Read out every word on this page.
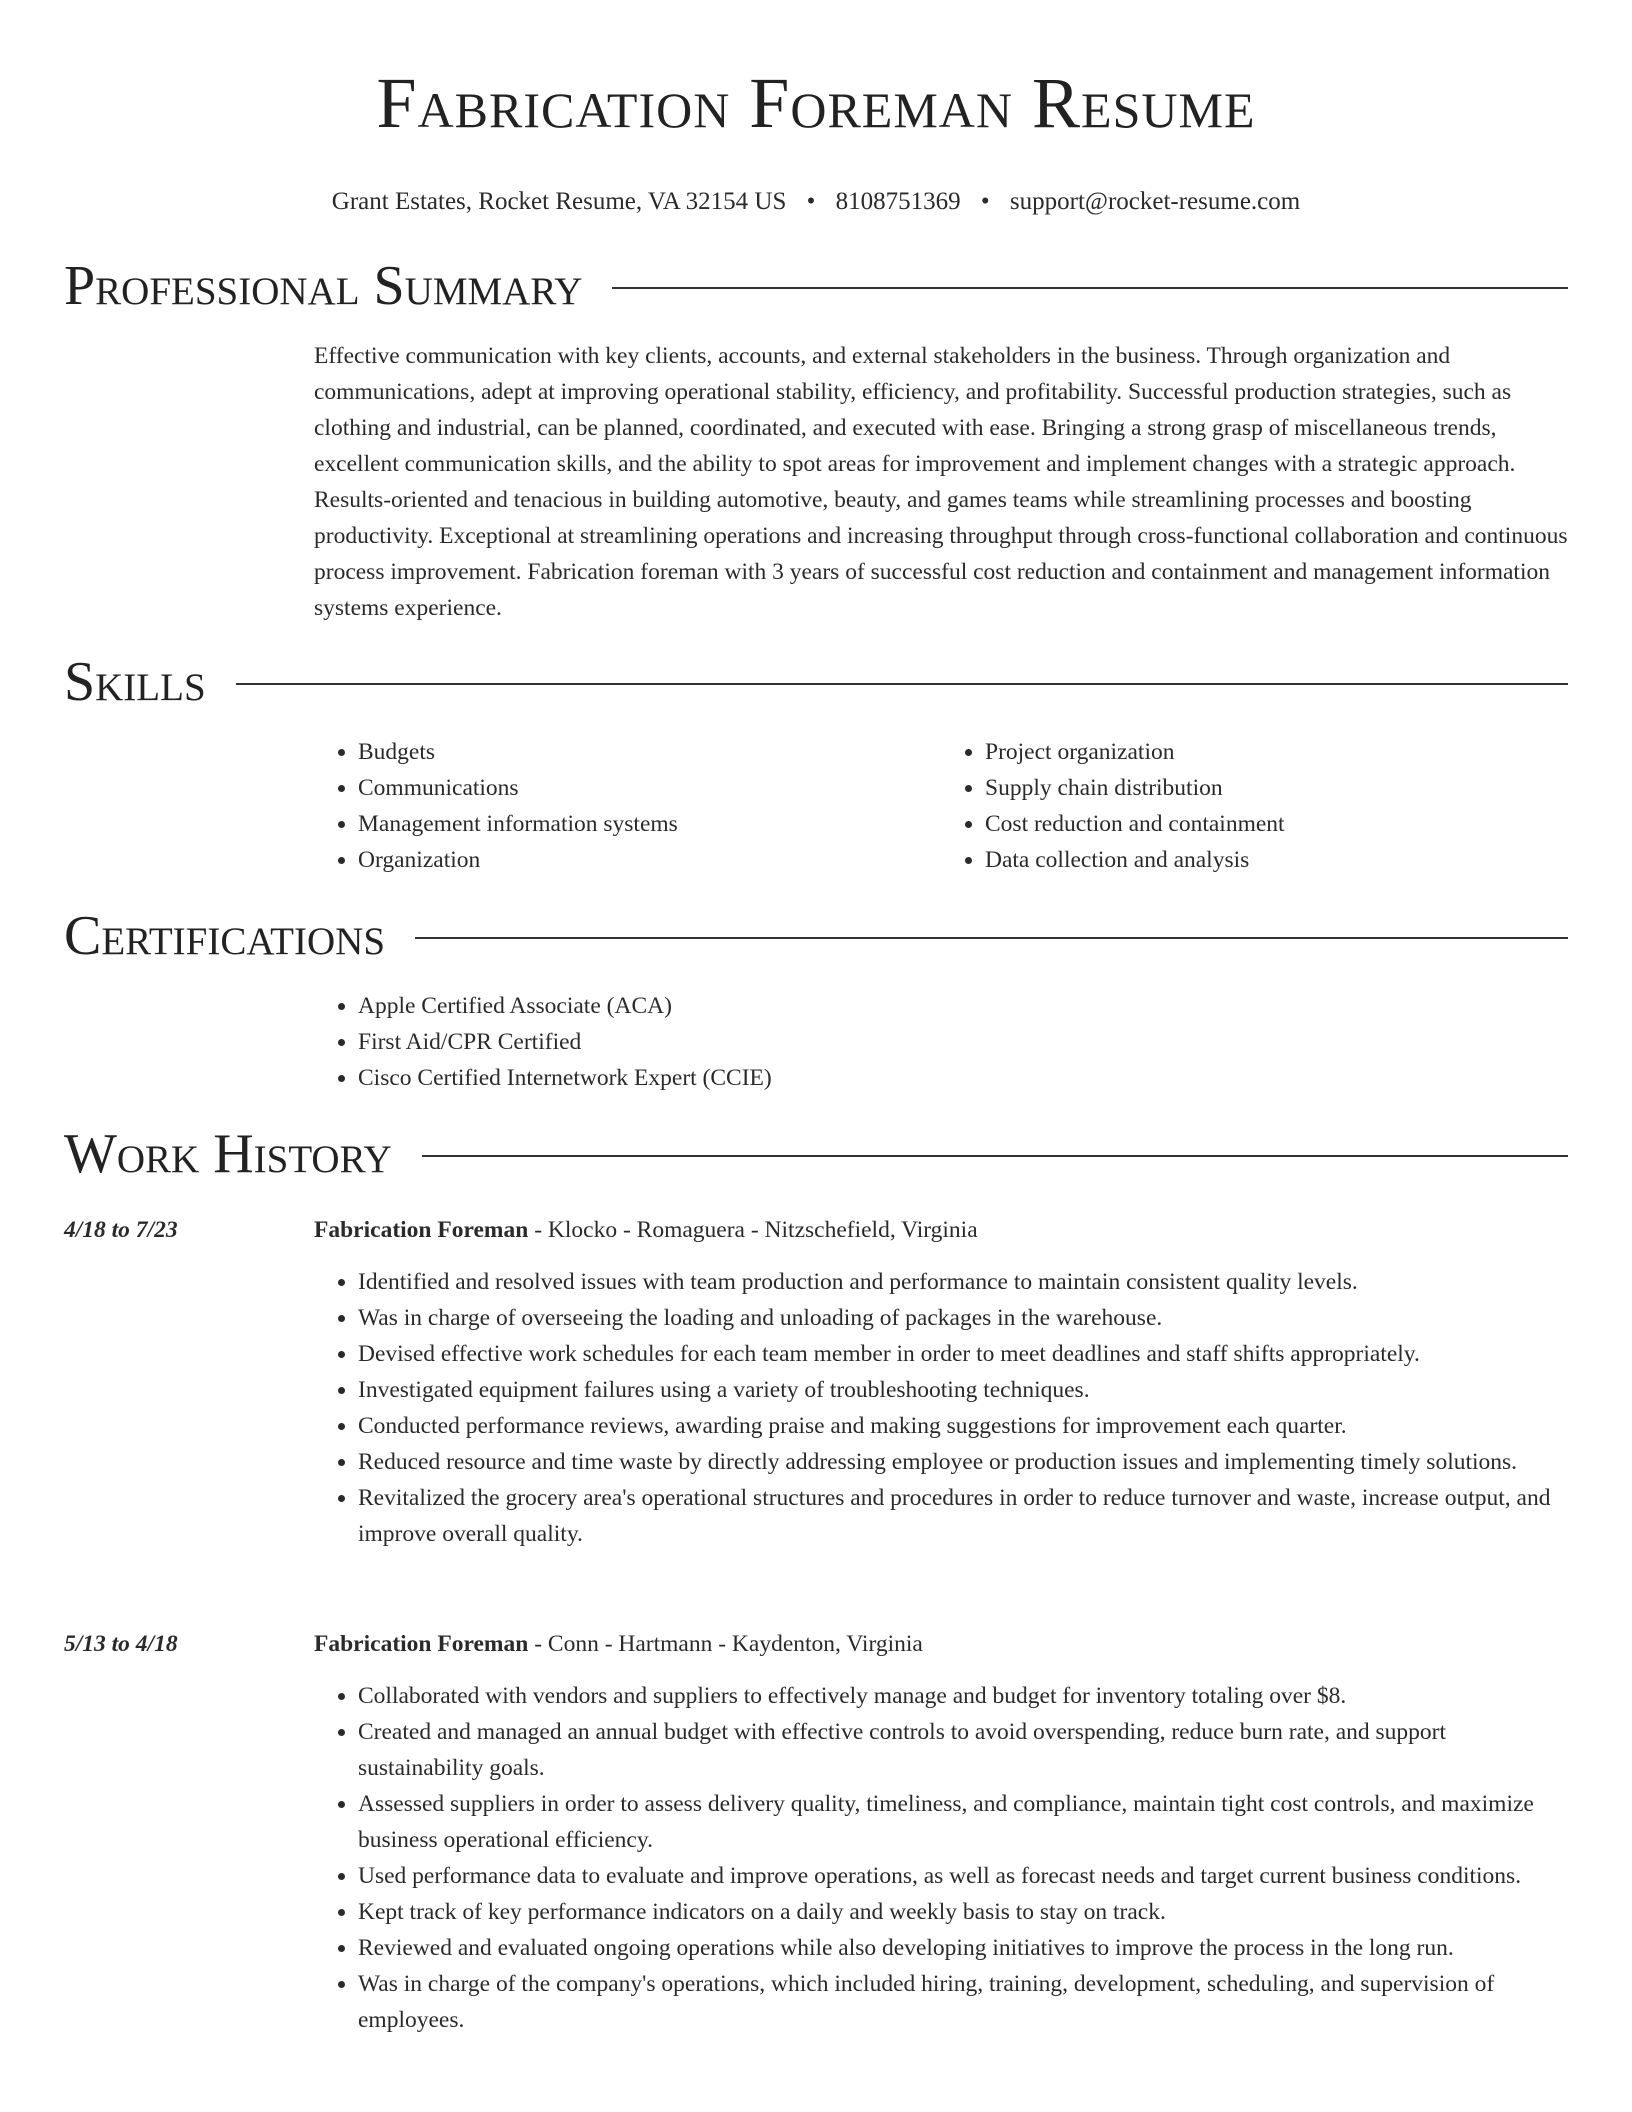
Fabrication Foreman Resume
Grant Estates, Rocket Resume, VA 32154 US • 8108751369 • support@rocket-resume.com
Professional Summary

Effective communication with key clients, accounts, and external stakeholders in the business. Through organization and communications, adept at improving operational stability, efficiency, and profitability. Successful production strategies, such as clothing and industrial, can be planned, coordinated, and executed with ease. Bringing a strong grasp of miscellaneous trends, excellent communication skills, and the ability to spot areas for improvement and implement changes with a strategic approach. Results-oriented and tenacious in building automotive, beauty, and games teams while streamlining processes and boosting productivity. Exceptional at streamlining operations and increasing throughput through cross-functional collaboration and continuous process improvement. Fabrication foreman with 3 years of successful cost reduction and containment and management information systems experience.

Skills
• Budgets
• Communications
• Management information systems
• Organization
• Project organization
• Supply chain distribution
• Cost reduction and containment
• Data collection and analysis
Certifications
• Apple Certified Associate (ACA)
• First Aid/CPR Certified
• Cisco Certified Internetwork Expert (CCIE)
Work History
4/18 to 7/23	Fabrication Foreman - Klocko - Romaguera - Nitzschefield, Virginia
• Identified and resolved issues with team production and performance to maintain consistent quality levels.
• Was in charge of overseeing the loading and unloading of packages in the warehouse.
• Devised effective work schedules for each team member in order to meet deadlines and staff shifts appropriately.
• Investigated equipment failures using a variety of troubleshooting techniques.
• Conducted performance reviews, awarding praise and making suggestions for improvement each quarter.
• Reduced resource and time waste by directly addressing employee or production issues and implementing timely solutions.
• Revitalized the grocery area's operational structures and procedures in order to reduce turnover and waste, increase output, and improve overall quality.
5/13 to 4/18	Fabrication Foreman - Conn - Hartmann - Kaydenton, Virginia
• Collaborated with vendors and suppliers to effectively manage and budget for inventory totaling over $8.
• Created and managed an annual budget with effective controls to avoid overspending, reduce burn rate, and support sustainability goals.
• Assessed suppliers in order to assess delivery quality, timeliness, and compliance, maintain tight cost controls, and maximize business operational efficiency.
• Used performance data to evaluate and improve operations, as well as forecast needs and target current business conditions.
• Kept track of key performance indicators on a daily and weekly basis to stay on track.
• Reviewed and evaluated ongoing operations while also developing initiatives to improve the process in the long run.
• Was in charge of the company's operations, which included hiring, training, development, scheduling, and supervision of employees.
